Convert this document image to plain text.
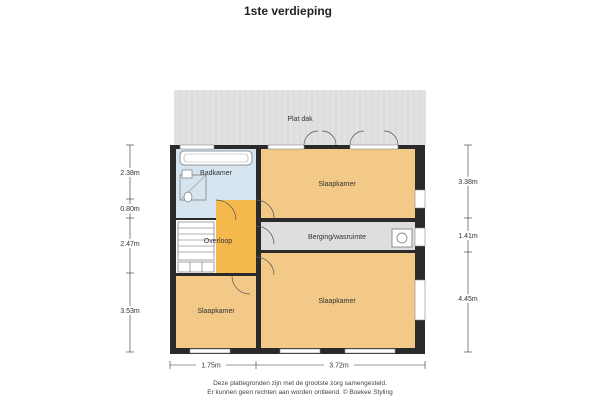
1ste verdieping
Plat dak
Badkamer
Overloop
Slaapkamer
Berging/wasruimte
Slaapkamer
Slaapkamer
2.38m
0.80m
2.47m
3.53m
3.38m
1.41m
4.45m
1.75m	3.72m
Deze plattegronden zijn met de grootste zorg samengesteld.
Er kunnen geen rechten aan worden ontleend. © Boekee Styling
